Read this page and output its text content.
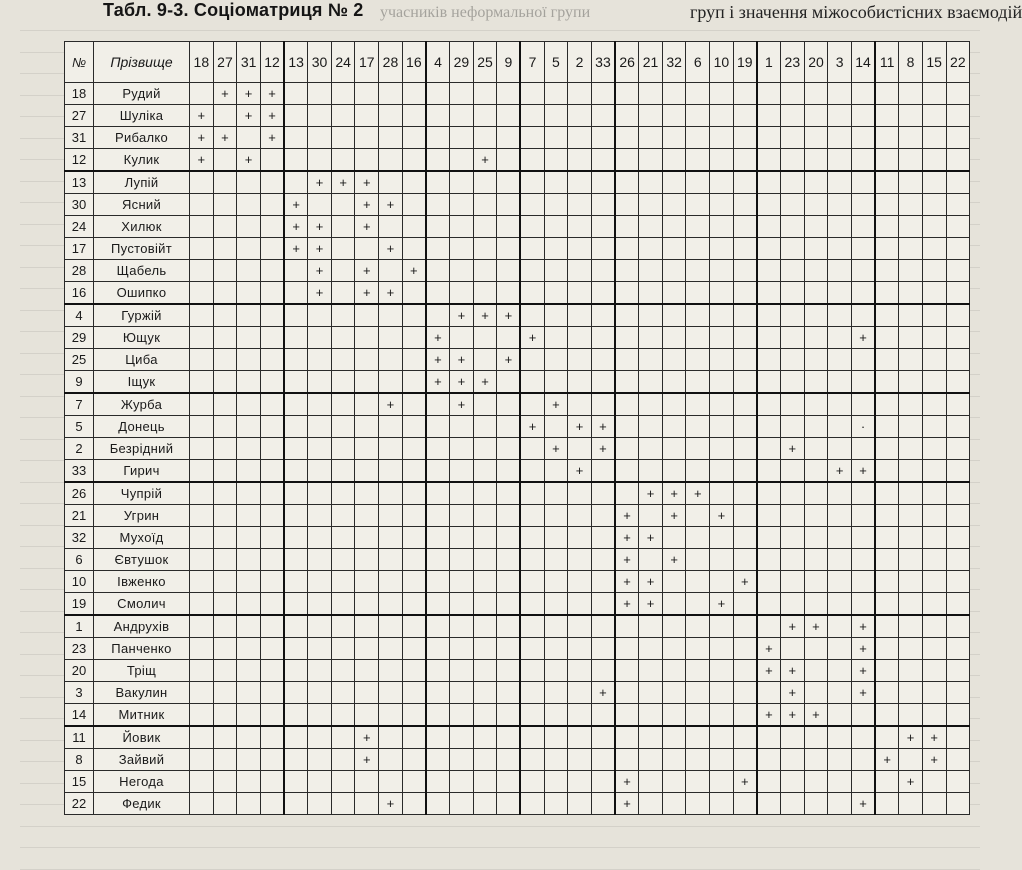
Табл. 9-3. Соціоматриця № 2	груп і значення міжособистісних взаємодій
учасників неформальної групи
№	Прізвище	18	27	31	12	13	30	24	17	28	16	4	29	25	9	7	5	2	33	26	21	32	6	10	19	1	23	20	3	14	11	8	15	22
18	Рудий		+	+	+																													
27	Шуліка	+		+	+																													
31	Рибалко	+	+		+																													
12	Кулик	+		+										+																				
13	Лупій						+	+	+																									
30	Ясний					+			+	+																								
24	Хилюк					+	+		+																									
17	Пустовійт					+	+			+																								
28	Щабель						+		+		+																							
16	Ошипко						+		+	+																								
4	Гуржій												+	+	+																			
29	Ющук											+				+														+				
25	Циба											+	+		+																			
9	Іщук											+	+	+																				
7	Журба									+			+				+																	
5	Донець															+		+	+											·				
2	Безрідний																+		+								+							
33	Гирич																	+											+	+				
26	Чупрій																				+	+	+											
21	Угрин																			+		+		+										
32	Мухоїд																			+	+													
6	Євтушок																			+		+												
10	Івженко																			+	+				+									
19	Смолич																			+	+			+										
1	Андрухів																										+	+		+				
23	Панченко																									+				+				
20	Тріщ																									+	+			+				
3	Вакулин																		+								+			+				
14	Митник																									+	+	+						
11	Йовик								+																							+	+	
8	Зайвий								+																						+		+	
15	Негода																			+					+							+		
22	Федик									+										+										+				
